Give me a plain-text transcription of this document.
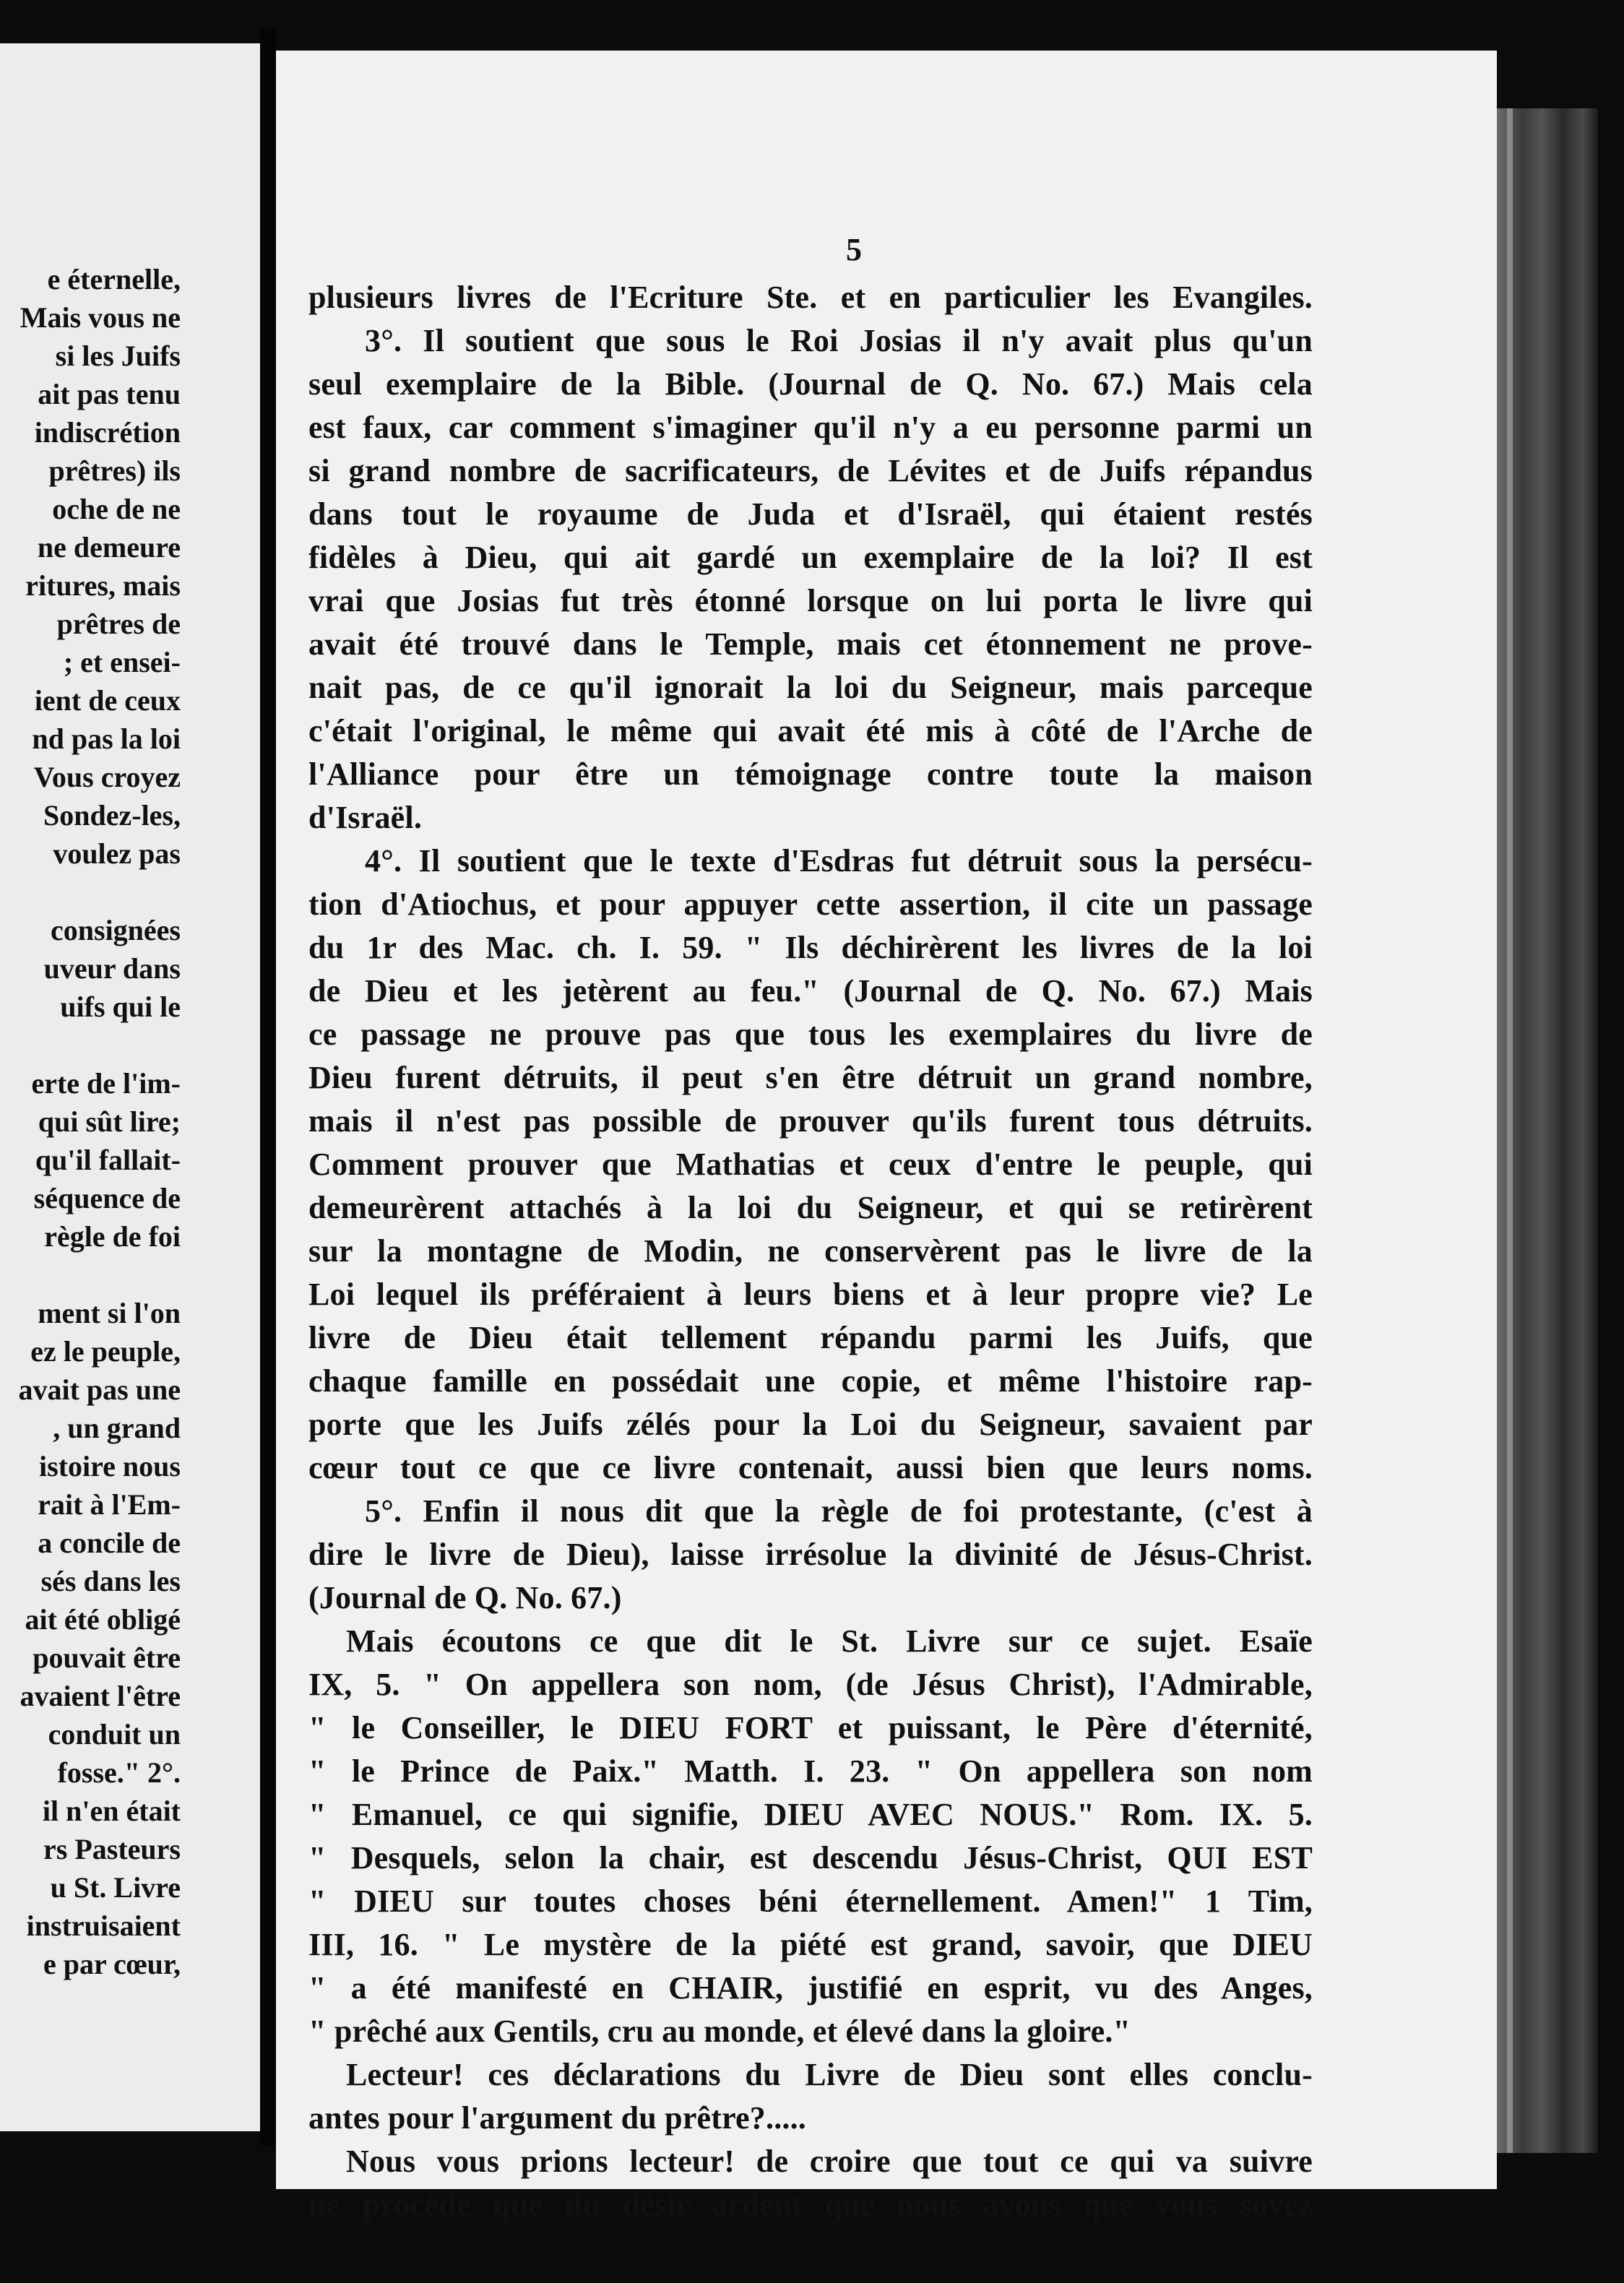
e éternelle,
Mais vous ne
si les Juifs
ait pas tenu
indiscrétion
prêtres) ils
oche de ne
ne demeure
ritures, mais
prêtres de
; et ensei-
ient de ceux
nd pas la loi
Vous croyez
Sondez-les,
voulez pas
consignées
uveur dans
uifs qui le
erte de l'im-
qui sût lire;
qu'il fallait-
séquence de
règle de foi
ment si l'on
ez le peuple,
avait pas une
, un grand
istoire nous
rait à l'Em-
a concile de
sés dans les
ait été obligé
pouvait être
avaient l'être
conduit un
fosse." 2°.
il n'en était
rs Pasteurs
u St. Livre
instruisaient
e par cœur,
5
plusieurs livres de l'Ecriture Ste. et en particulier les Evangiles.
3°. Il soutient que sous le Roi Josias il n'y avait plus qu'un
seul exemplaire de la Bible. (Journal de Q. No. 67.) Mais cela
est faux, car comment s'imaginer qu'il n'y a eu personne parmi un
si grand nombre de sacrificateurs, de Lévites et de Juifs répandus
dans tout le royaume de Juda et d'Israël, qui étaient restés
fidèles à Dieu, qui ait gardé un exemplaire de la loi? Il est
vrai que Josias fut très étonné lorsque on lui porta le livre qui
avait été trouvé dans le Temple, mais cet étonnement ne prove-
nait pas, de ce qu'il ignorait la loi du Seigneur, mais parceque
c'était l'original, le même qui avait été mis à côté de l'Arche de
l'Alliance pour être un témoignage contre toute la maison
d'Israël.
4°. Il soutient que le texte d'Esdras fut détruit sous la persécu-
tion d'Atiochus, et pour appuyer cette assertion, il cite un passage
du 1r des Mac. ch. I. 59. " Ils déchirèrent les livres de la loi
de Dieu et les jetèrent au feu." (Journal de Q. No. 67.) Mais
ce passage ne prouve pas que tous les exemplaires du livre de
Dieu furent détruits, il peut s'en être détruit un grand nombre,
mais il n'est pas possible de prouver qu'ils furent tous détruits.
Comment prouver que Mathatias et ceux d'entre le peuple, qui
demeurèrent attachés à la loi du Seigneur, et qui se retirèrent
sur la montagne de Modin, ne conservèrent pas le livre de la
Loi lequel ils préféraient à leurs biens et à leur propre vie? Le
livre de Dieu était tellement répandu parmi les Juifs, que
chaque famille en possédait une copie, et même l'histoire rap-
porte que les Juifs zélés pour la Loi du Seigneur, savaient par
cœur tout ce que ce livre contenait, aussi bien que leurs noms.
5°. Enfin il nous dit que la règle de foi protestante, (c'est à
dire le livre de Dieu), laisse irrésolue la divinité de Jésus-Christ.
(Journal de Q. No. 67.)
Mais écoutons ce que dit le St. Livre sur ce sujet. Esaïe
IX, 5. " On appellera son nom, (de Jésus Christ), l'Admirable,
" le Conseiller, le DIEU FORT et puissant, le Père d'éternité,
" le Prince de Paix." Matth. I. 23. " On appellera son nom
" Emanuel, ce qui signifie, DIEU AVEC NOUS." Rom. IX. 5.
" Desquels, selon la chair, est descendu Jésus-Christ, QUI EST
" DIEU sur toutes choses béni éternellement. Amen!" 1 Tim,
III, 16. " Le mystère de la piété est grand, savoir, que DIEU
" a été manifesté en CHAIR, justifié en esprit, vu des Anges,
" prêché aux Gentils, cru au monde, et élevé dans la gloire."
Lecteur! ces déclarations du Livre de Dieu sont elles conclu-
antes pour l'argument du prêtre?.....
Nous vous prions lecteur! de croire que tout ce qui va suivre
ne procède que du désir ardent que nous avons que vous soyez
